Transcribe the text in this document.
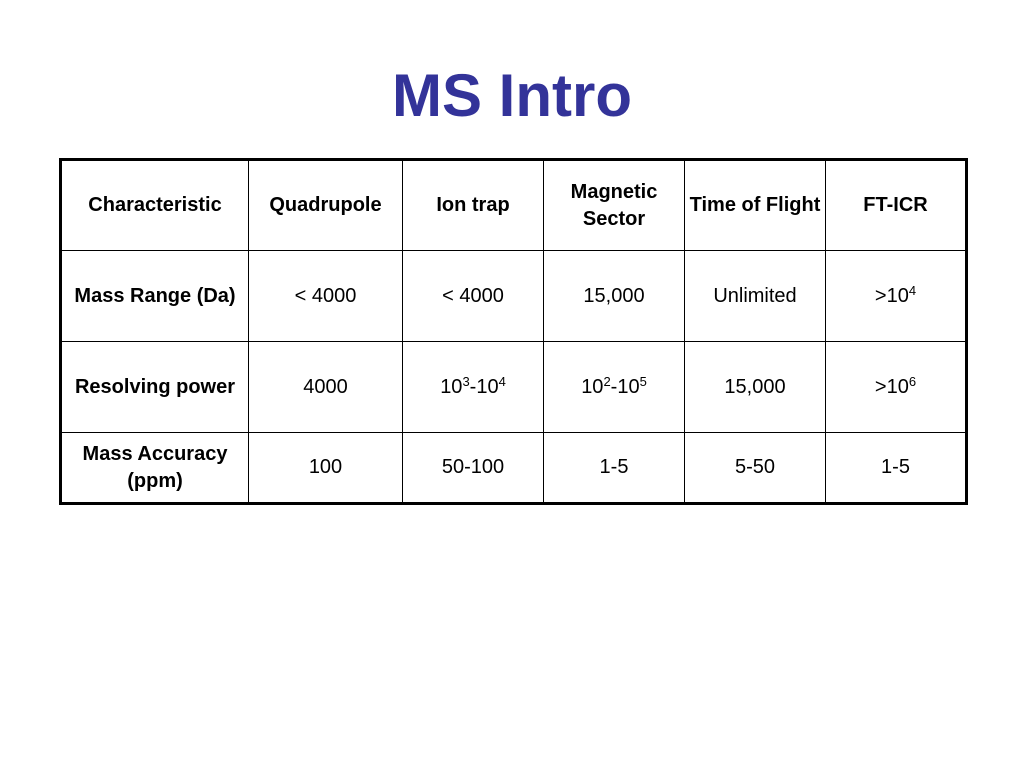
MS Intro
Characteristic	Quadrupole	Ion trap	Magnetic Sector	Time of Flight	FT-ICR
Mass Range (Da)	< 4000	< 4000	15,000	Unlimited	$>10^4$
Resolving power	4000	$10^3-10^4$	$10^2-10^5$	15,000	$>10^6$
Mass Accuracy (ppm)	100	50-100	1-5	5-50	1-5
